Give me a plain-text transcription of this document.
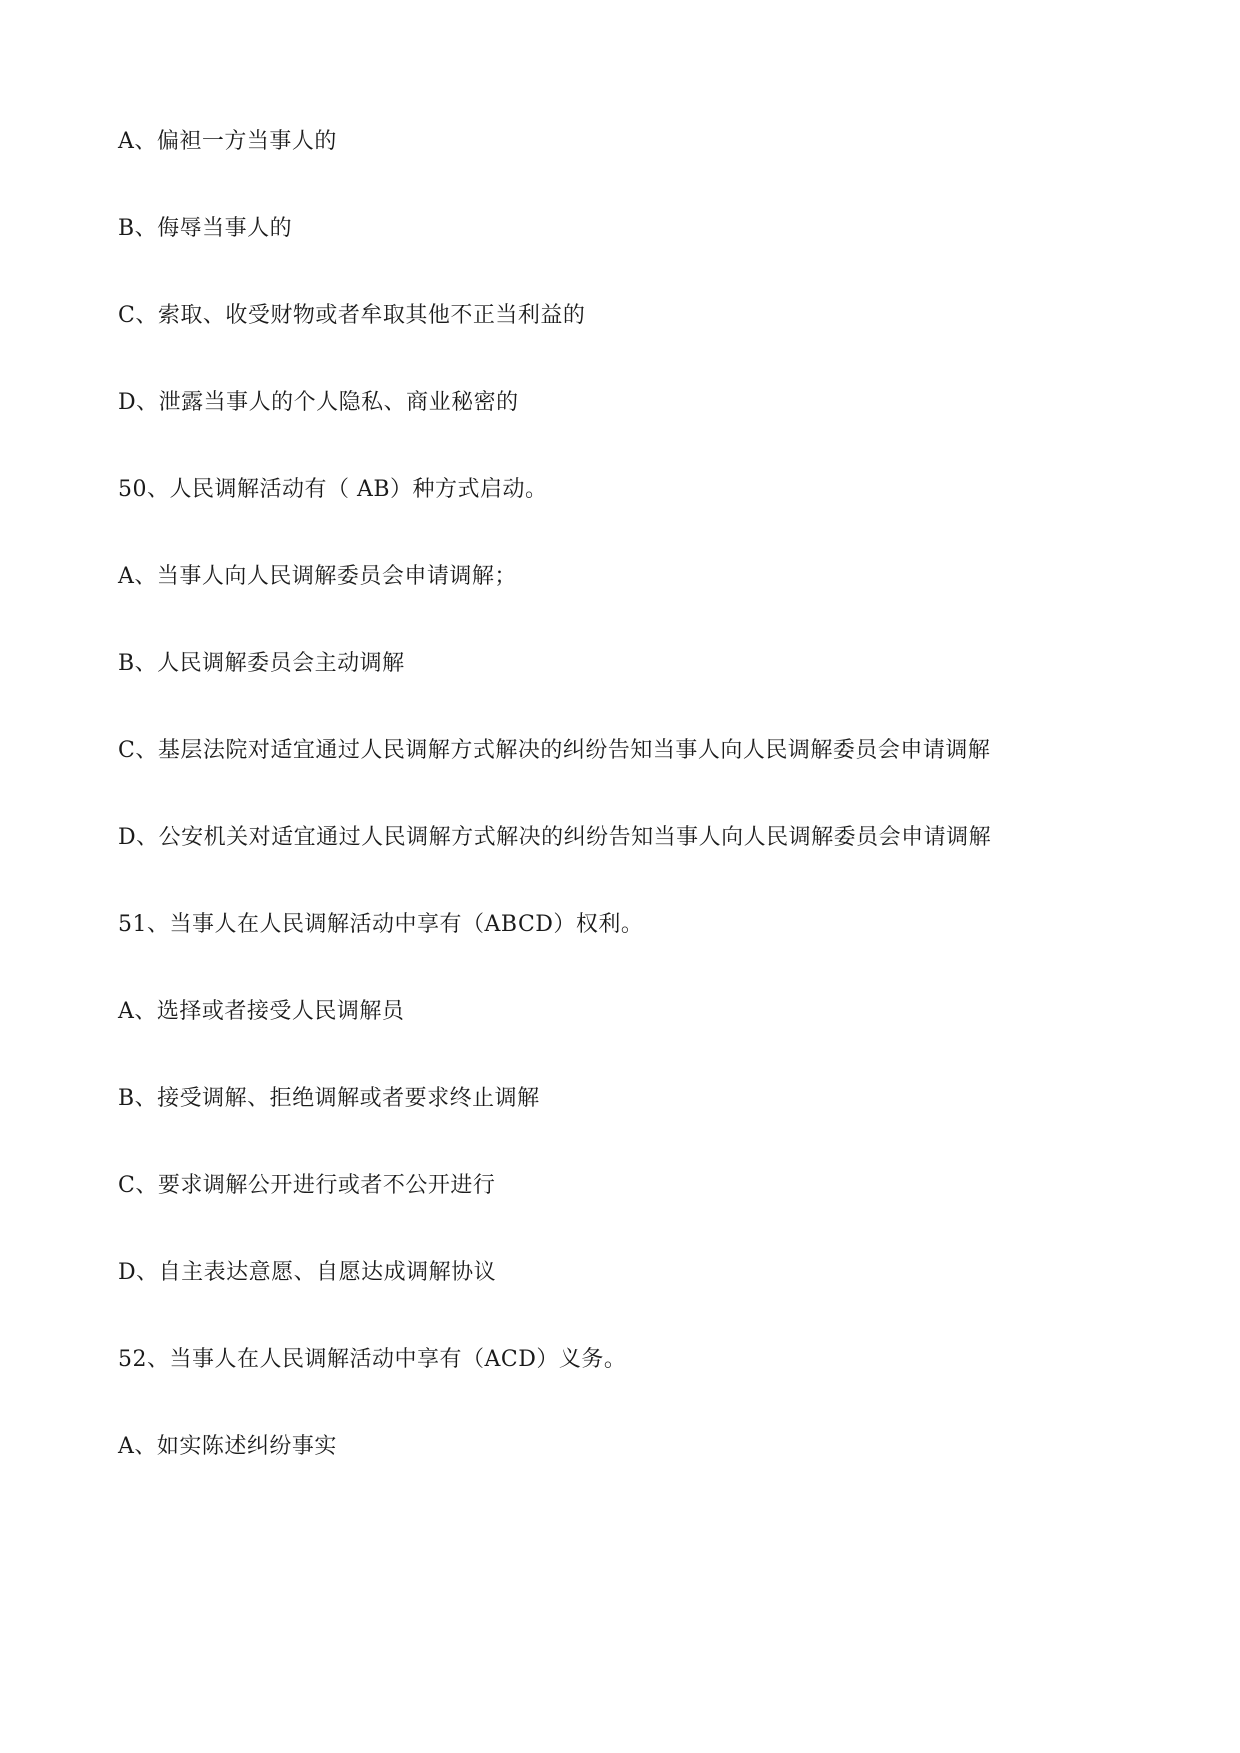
A、偏袒一方当事人的
B、侮辱当事人的
C、索取、收受财物或者牟取其他不正当利益的
D、泄露当事人的个人隐私、商业秘密的
50、人民调解活动有（ AB）种方式启动。
A、当事人向人民调解委员会申请调解；
B、人民调解委员会主动调解
C、基层法院对适宜通过人民调解方式解决的纠纷告知当事人向人民调解委员会申请调解
D、公安机关对适宜通过人民调解方式解决的纠纷告知当事人向人民调解委员会申请调解
51、当事人在人民调解活动中享有（ABCD）权利。
A、选择或者接受人民调解员
B、接受调解、拒绝调解或者要求终止调解
C、要求调解公开进行或者不公开进行
D、自主表达意愿、自愿达成调解协议
52、当事人在人民调解活动中享有（ACD）义务。
A、如实陈述纠纷事实
